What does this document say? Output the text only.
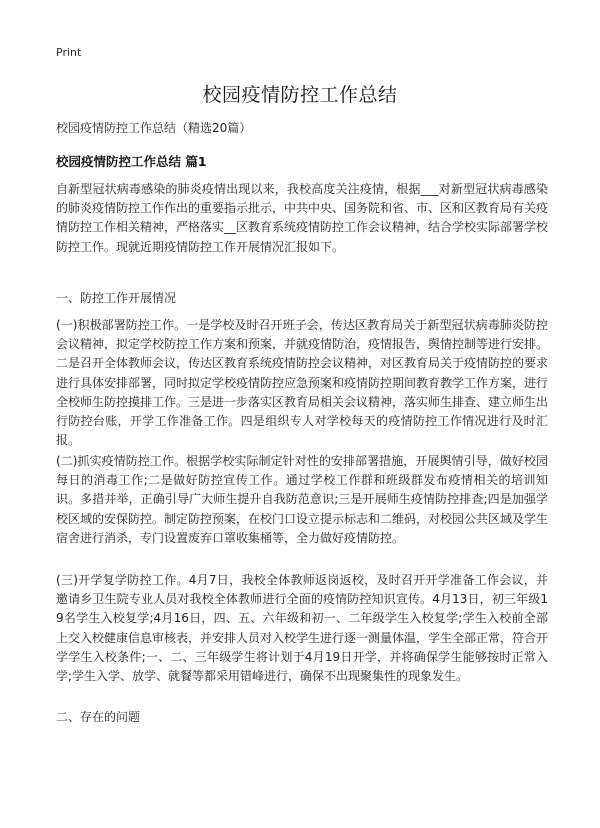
Print
校园疫情防控工作总结
校园疫情防控工作总结（精选20篇）
校园疫情防控工作总结 篇1

自新型冠状病毒感染的肺炎疫情出现以来，我校高度关注疫情，根据___对新型冠状病毒感染的肺炎疫情防控工作作出的重要指示批示，中共中央、国务院和省、市、区和区教育局有关疫情防控工作相关精神，严格落实__区教育系统疫情防控工作会议精神，结合学校实际部署学校防控工作。现就近期疫情防控工作开展情况汇报如下。

一、防控工作开展情况

(一)积极部署防控工作。一是学校及时召开班子会，传达区教育局关于新型冠状病毒肺炎防控会议精神，拟定学校防控工作方案和预案，并就疫情防治，疫情报告，舆情控制等进行安排。二是召开全体教师会议，传达区教育系统疫情防控会议精神，对区教育局关于疫情防控的要求进行具体安排部署，同时拟定学校疫情防控应急预案和疫情防控期间教育教学工作方案，进行全校师生防控摸排工作。三是进一步落实区教育局相关会议精神，落实师生排查、建立师生出行防控台账，开学工作准备工作。四是组织专人对学校每天的疫情防控工作情况进行及时汇报。

(二)抓实疫情防控工作。根据学校实际制定针对性的安排部署措施，开展舆情引导，做好校园每日的消毒工作;二是做好防控宣传工作。通过学校工作群和班级群发布疫情相关的培训知识。多措并举，正确引导广大师生提升自我防范意识;三是开展师生疫情防控排查;四是加强学校区域的安保防控。制定防控预案，在校门口设立提示标志和二维码，对校园公共区域及学生宿舍进行消杀，专门设置废弃口罩收集桶等，全力做好疫情防控。

(三)开学复学防控工作。4月7日，我校全体教师返岗返校，及时召开开学准备工作会议，并邀请乡卫生院专业人员对我校全体教师进行全面的疫情防控知识宣传。4月13日，初三年级19名学生入校复学;4月16日，四、五、六年级和初一、二年级学生入校复学;学生入校前全部上交入校健康信息审核表，并安排人员对入校学生进行逐一测量体温，学生全部正常，符合开学学生入校条件;一、二、三年级学生将计划于4月19日开学，并将确保学生能够按时正常入学;学生入学、放学、就餐等都采用错峰进行，确保不出现聚集性的现象发生。

二、存在的问题
